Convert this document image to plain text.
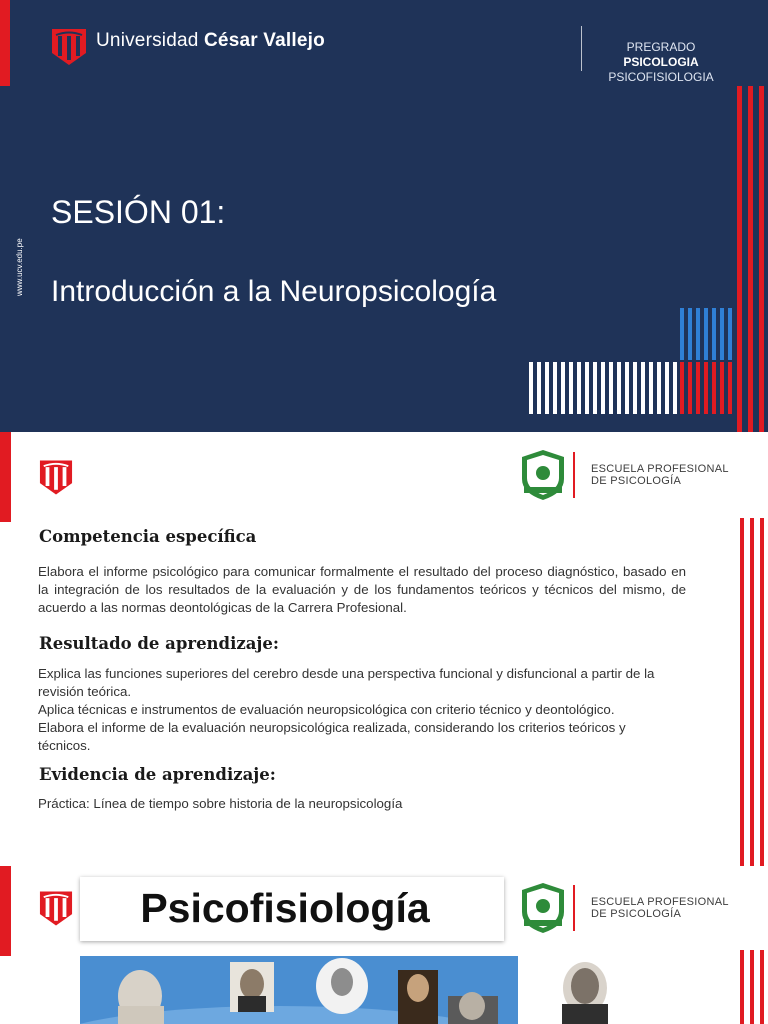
Universidad César Vallejo	PREGRADO
PSICOLOGIA
PSICOFISIOLOGIA
SESIÓN 01:
Introducción a la Neuropsicología
www.ucv.edu.pe
ESCUELA PROFESIONAL
DE PSICOLOGÍA
Competencia específica
Elabora el informe psicológico para comunicar formalmente el resultado del proceso diagnóstico, basado en la integración de los resultados de la evaluación y de los fundamentos teóricos y técnicos del mismo, de acuerdo a las normas deontológicas de la Carrera Profesional.
Resultado de aprendizaje:
Explica las funciones superiores del cerebro desde una perspectiva funcional y disfuncional a partir de la revisión teórica.
Aplica técnicas e instrumentos de evaluación neuropsicológica con criterio técnico y deontológico.
Elabora el informe de la evaluación neuropsicológica realizada, considerando los criterios teóricos y técnicos.
Evidencia de aprendizaje:
Práctica: Línea de tiempo sobre historia de la neuropsicología
Psicofisiología	ESCUELA PROFESIONAL
DE PSICOLOGÍA
